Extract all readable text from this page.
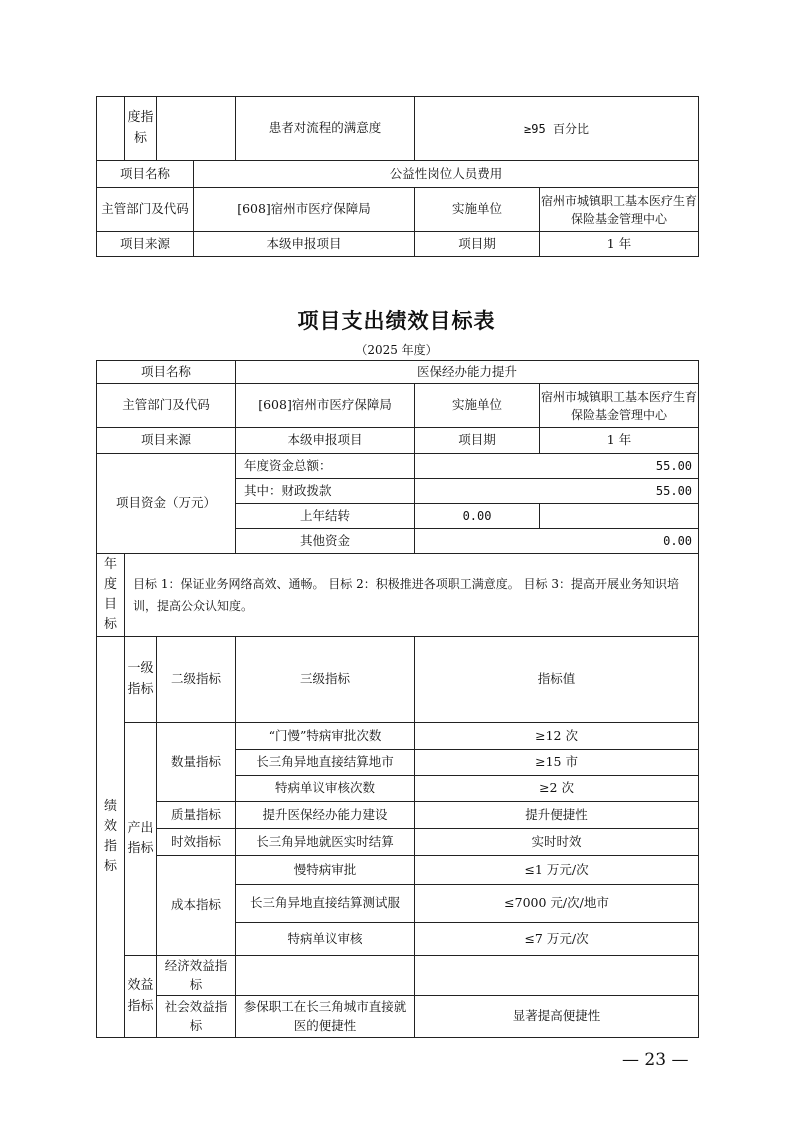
	度指标		患者对流程的满意度	≥95 百分比
项目名称	公益性岗位人员费用		
主管部门及代码	[608]宿州市医疗保障局	实施单位	宿州市城镇职工基本医疗生育保险基金管理中心
项目来源	本级申报项目	项目期	1 年
项目支出绩效目标表
（2025 年度）
项目名称			医保经办能力提升		
主管部门及代码			[608]宿州市医疗保障局	实施单位	宿州市城镇职工基本医疗生育保险基金管理中心
项目来源			本级申报项目	项目期	1 年
项目资金（万元）			年度资金总额：	55.00	
			其中：财政拨款	55.00	
			上年结转	0.00	
			其他资金	0.00	
年度目标	目标 1：保证业务网络高效、通畅。 目标 2：积极推进各项职工满意度。 目标 3：提高开展业务知识培训，提高公众认知度。				
绩效指标	一级指标	二级指标	三级指标	指标值	
	产出指标	数量指标	“门慢”特病审批次数	≥12 次	
			长三角异地直接结算地市	≥15 市	
			特病单议审核次数	≥2 次	
		质量指标	提升医保经办能力建设	提升便捷性	
		时效指标	长三角异地就医实时结算	实时时效	
		成本指标	慢特病审批	≤1 万元/次	
			长三角异地直接结算测试服	≤7000 元/次/地市	
			特病单议审核	≤7 万元/次	
	效益指标	经济效益指标			
		社会效益指标	参保职工在长三角城市直接就医的便捷性	显著提高便捷性	
— 23 —
